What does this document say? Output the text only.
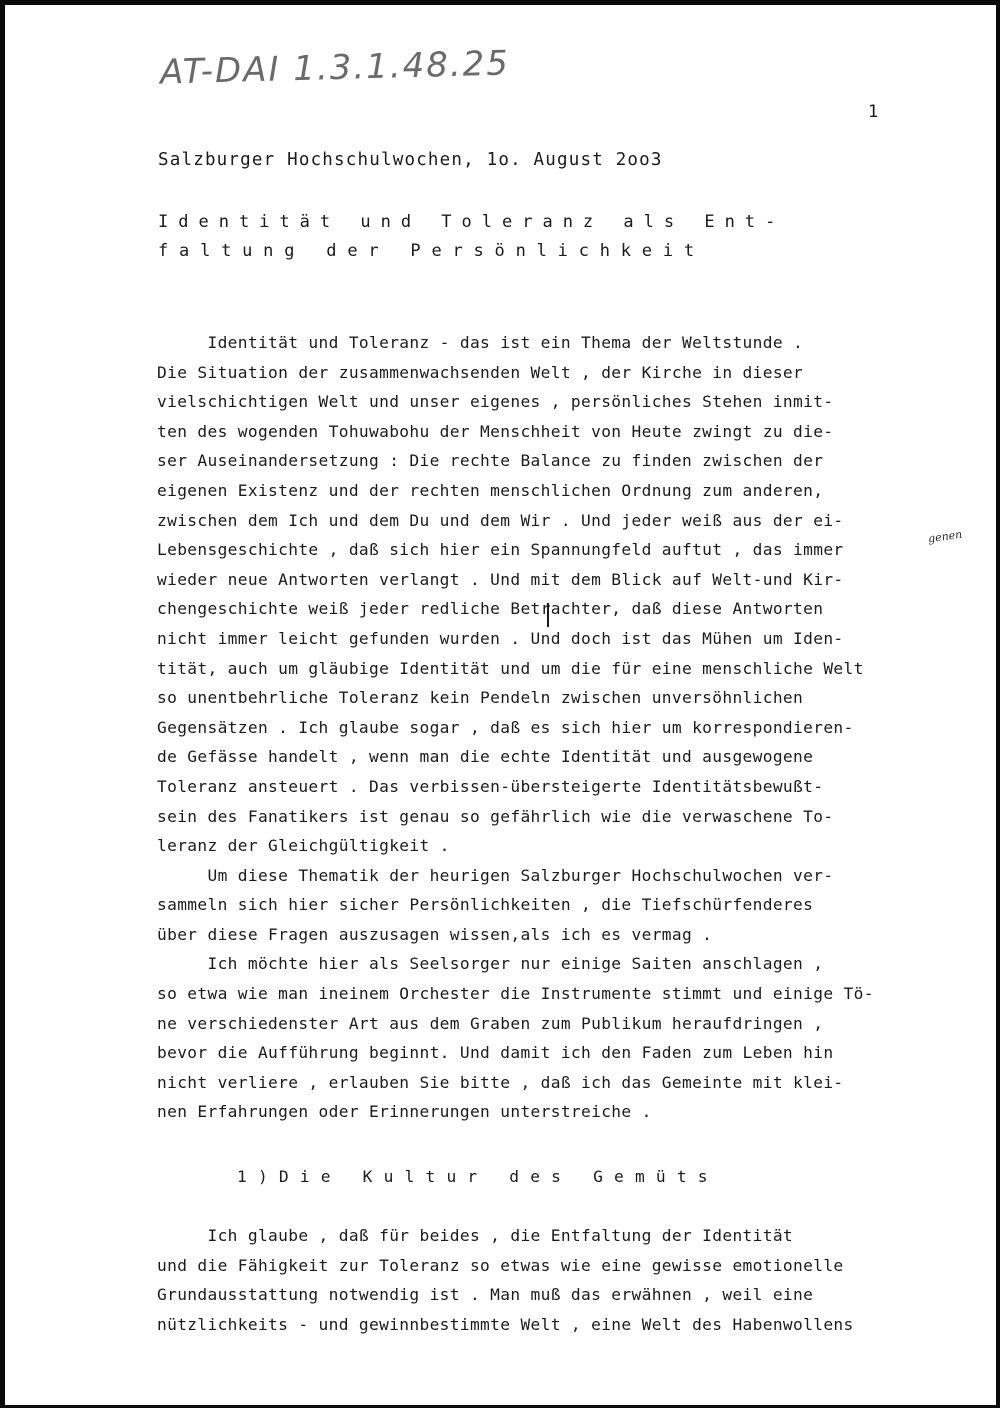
AT-DAI 1.3.1.48.25
1
Salzburger Hochschulwochen, 1o. August 2oo3
Identität und Toleranz als Ent-
faltung der Persönlichkeit
genen
Identität und Toleranz - das ist ein Thema der Weltstunde .
Die Situation der zusammenwachsenden Welt , der Kirche in dieser
vielschichtigen Welt und unser eigenes , persönliches Stehen inmit-
ten des wogenden Tohuwabohu der Menschheit von Heute zwingt zu die-
ser Auseinandersetzung : Die rechte Balance zu finden zwischen der
eigenen Existenz und der rechten menschlichen Ordnung zum anderen,
zwischen dem Ich und dem Du und dem Wir . Und jeder weiß aus der ei-
Lebensgeschichte , daß sich hier ein Spannungfeld auftut , das immer
wieder neue Antworten verlangt . Und mit dem Blick auf Welt-und Kir-
chengeschichte weiß jeder redliche Betrachter, daß diese Antworten
nicht immer leicht gefunden wurden . Und doch ist das Mühen um Iden-
tität, auch um gläubige Identität und um die für eine menschliche Welt
so unentbehrliche Toleranz kein Pendeln zwischen unversöhnlichen
Gegensätzen . Ich glaube sogar , daß es sich hier um korrespondieren-
de Gefässe handelt , wenn man die echte Identität und ausgewogene
Toleranz ansteuert . Das verbissen-übersteigerte Identitätsbewußt-
sein des Fanatikers ist genau so gefährlich wie die verwaschene To-
leranz der Gleichgültigkeit .
Um diese Thematik der heurigen Salzburger Hochschulwochen ver-
sammeln sich hier sicher Persönlichkeiten , die Tiefschürfenderes
über diese Fragen auszusagen wissen,als ich es vermag .
Ich möchte hier als Seelsorger nur einige Saiten anschlagen ,
so etwa wie man ineinem Orchester die Instrumente stimmt und einige Tö-
ne verschiedenster Art aus dem Graben zum Publikum heraufdringen ,
bevor die Aufführung beginnt. Und damit ich den Faden zum Leben hin
nicht verliere , erlauben Sie bitte , daß ich das Gemeinte mit klei-
nen Erfahrungen oder Erinnerungen unterstreiche .
1)Die Kultur des Gemüts
Ich glaube , daß für beides , die Entfaltung der Identität
und die Fähigkeit zur Toleranz so etwas wie eine gewisse emotionelle
Grundausstattung notwendig ist . Man muß das erwähnen , weil eine
nützlichkeits - und gewinnbestimmte Welt , eine Welt des Habenwollens
